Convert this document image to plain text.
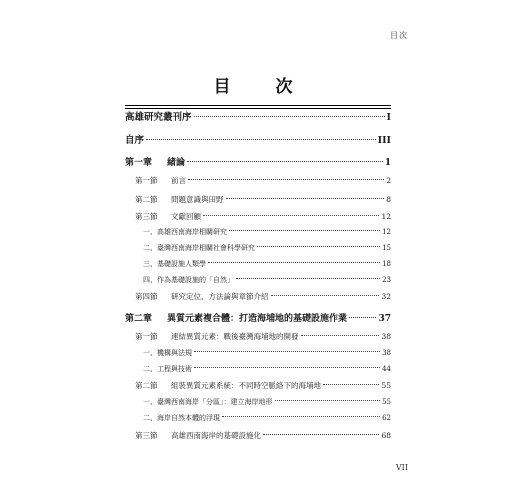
目次
目　次
高雄研究叢刊序	I
自序	III
第一章	緒論	1
第一節	前言	2
第二節	問題意識與田野	8
第三節	文獻回顧	12
一、高雄西南海岸相關研究	12
二、臺灣西南海岸相關社會科學研究	15
三、基礎設施人類學	18
四、作為基礎設施的「自然」	23
第四節	研究定位、方法論與章節介紹	32
第二章	異質元素複合體：打造海埔地的基礎設施作業	37
第一節	連結異質元素：戰後臺灣海埔地的開發	38
一、機構與法規	38
二、工程與技術	44
第二節	組裝異質元素系統：不同時空脈絡下的海埔地	55
一、臺灣西南海岸「分區」：建立海岸地形	55
二、海岸自然本體的浮現	62
第三節	高雄西南海岸的基礎設施化	68
VII
